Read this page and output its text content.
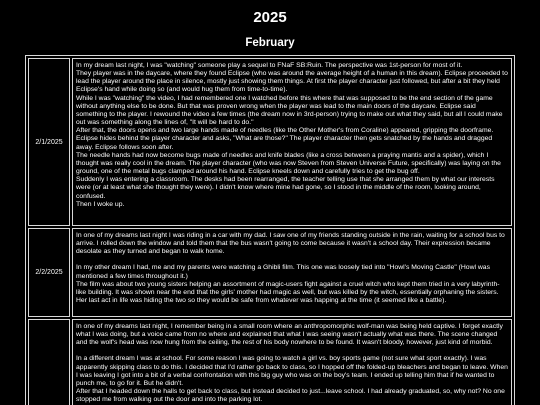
2025
February
2/1/2025

In my dream last night, I was "watching" someone play a sequel to FNaF SB:Ruin. The perspective was 1st-person for most of it.

They player was in the daycare, where they found Eclipse (who was around the average height of a human in this dream). Eclipse proceeded to lead the player around the place in silence, mostly just showing them things. At first the player character just followed, but after a bit they held Eclipse's hand while doing so (and would hug them from time-to-time).

While I was "watching" the video, I had remembered one I watched before this where that was supposed to be the end section of the game without anything else to be done. But that was proven wrong when the player was lead to the main doors of the daycare. Eclipse said something to the player. I rewound the video a few times (the dream now in 3rd-person) trying to make out what they said, but all I could make out was something along the lines of, "It will be hard to do."

After that, the doors opens and two large hands made of needles (like the Other Mother's from Coraline) appeared, gripping the doorframe. Eclipse hides behind the player character and asks, "What are those?" The player character then gets snatched by the hands and dragged away. Eclipse follows soon after.

The needle hands had now become bugs made of needles and knife blades (like a cross between a praying mantis and a spider), which I thought was really cool in the dream. The player character (who was now Steven from Steven Universe Future, specifically) was laying on the ground, one of the metal bugs clamped around his hand. Eclipse kneels down and carefully tries to get the bug off.

Suddenly I was entering a classroom. The desks had been rearranged, the teacher telling use that she arranged them by what our interests were (or at least what she thought they were). I didn't know where mine had gone, so I stood in the middle of the room, looking around, confused.

Then I woke up.

2/2/2025

In one of my dreams last night I was riding in a car with my dad. I saw one of my friends standing outside in the rain, waiting for a school bus to arrive. I rolled down the window and told them that the bus wasn't going to come because it wasn't a school day. Their expression became desolate as they turned and began to walk home.

In my other dream I had, me and my parents were watching a Ghibli film. This one was loosely tied into "Howl's Moving Castle" (Howl was mentioned a few times throughout it.)

The film was about two young sisters helping an assortment of magic-users fight against a cruel witch who kept them tried in a very labyrinth-like building. It was shown near the end that the girls' mother had magic as well, but was killed by the witch, essentially orphaning the sisters. Her last act in life was hiding the two so they would be safe from whatever was happing at the time (it seemed like a battle).

In one of my dreams last night, I remember being in a small room where an anthropomorphic wolf-man was being held captive. I forget exactly what I was doing, but a voice came from no where and explained that what I was seeing wasn't actually what was there. The scene changed and the wolf's head was now hung from the ceiling, the rest of his body nowhere to be found. It wasn't bloody, however, just kind of morbid.

In a different dream I was at school. For some reason I was going to watch a girl vs. boy sports game (not sure what sport exactly). I was apparently skipping class to do this. I decided that I'd rather go back to class, so I hopped off the folded-up bleachers and began to leave. When I was leaving I got into a bit of a verbal confrontation with this big guy who was on the boy's team. I ended up telling him that if he wanted to punch me, to go for it. But he didn't.

After that I headed down the halls to get back to class, but instead decided to just...leave school. I had already graduated, so, why not? No one stopped me from walking out the door and into the parking lot.
